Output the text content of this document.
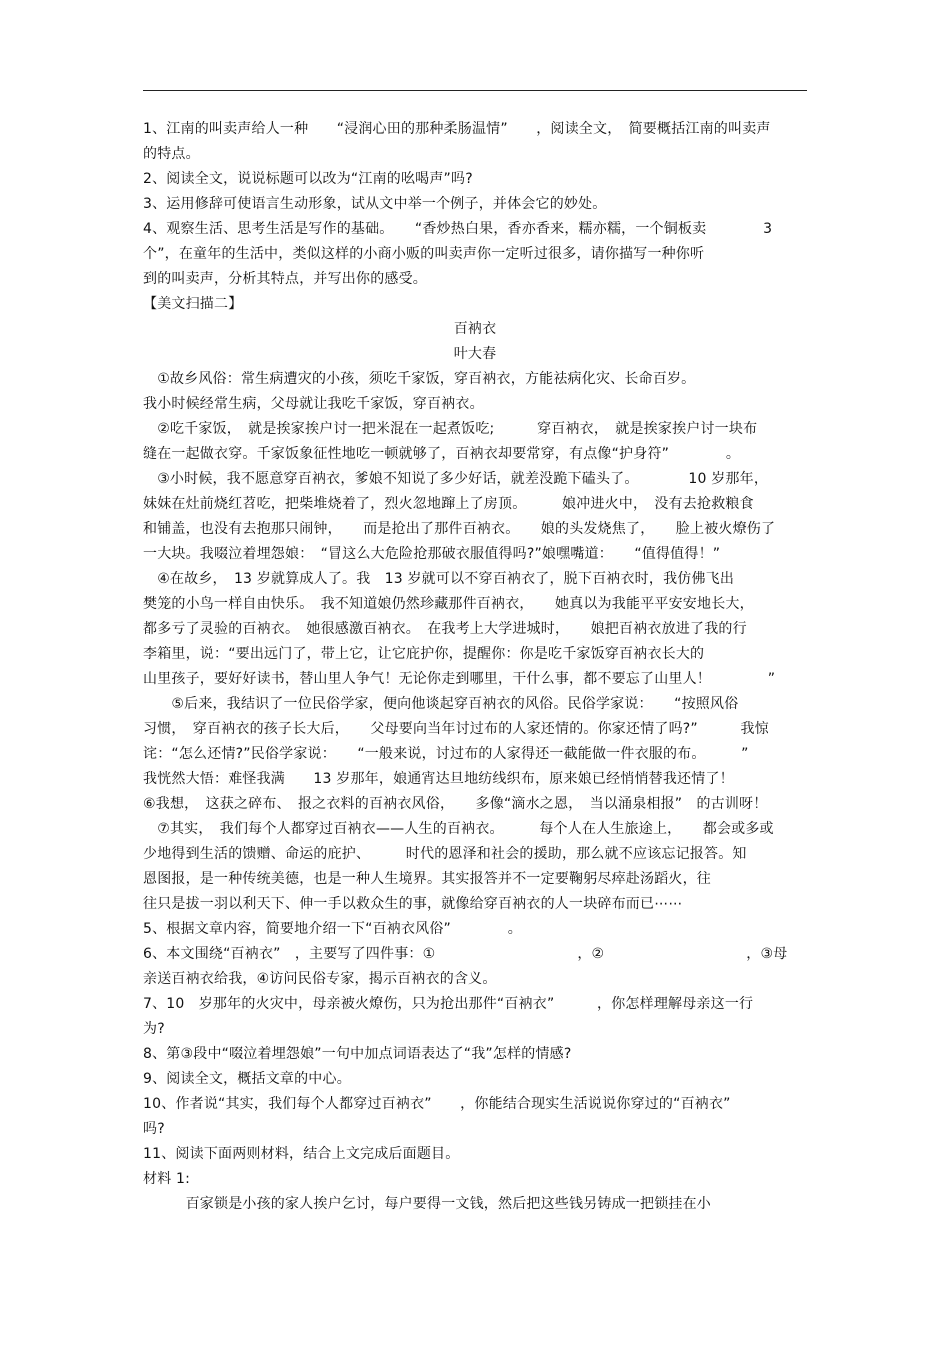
1、江南的叫卖声给人一种　　“浸润心田的那种柔肠温情”　　，阅读全文，　简要概括江南的叫卖声
的特点。
2、阅读全文，说说标题可以改为“江南的吆喝声”吗?
3、运用修辞可使语言生动形象，试从文中举一个例子，并体会它的妙处。
4、观察生活、思考生活是写作的基础。　　“香炒热白果，香亦香来，糯亦糯，一个铜板卖　　　　3
个”，在童年的生活中，类似这样的小商小贩的叫卖声你一定听过很多，请你描写一种你听
到的叫卖声，分析其特点，并写出你的感受。
【美文扫描二】
百衲衣
叶大春
　①故乡风俗：常生病遭灾的小孩，须吃千家饭，穿百衲衣，方能祛病化灾、长命百岁。
我小时候经常生病，父母就让我吃千家饭，穿百衲衣。
　②吃千家饭，　就是挨家挨户讨一把米混在一起煮饭吃;　　　穿百衲衣，　就是挨家挨户讨一块布
缝在一起做衣穿。千家饭象征性地吃一顿就够了，百衲衣却要常穿，有点像“护身符”　　　　。
　③小时候，我不愿意穿百衲衣，爹娘不知说了多少好话，就差没跪下磕头了。　　　　10 岁那年，
妹妹在灶前烧红苕吃，把柴堆烧着了，烈火忽地蹿上了房顶。　　　娘冲进火中，　没有去抢救粮食
和铺盖，也没有去抱那只闹钟，　　而是抢出了那件百衲衣。　　娘的头发烧焦了，　　脸上被火燎伤了
一大块。我啜泣着埋怨娘：　“冒这么大危险抢那破衣服值得吗?”娘嘿嘴道：　　“值得值得！”
　④在故乡，　13 岁就算成人了。我　13 岁就可以不穿百衲衣了，脱下百衲衣时，我仿佛飞出
樊笼的小鸟一样自由快乐。　我不知道娘仍然珍藏那件百衲衣，　　她真以为我能平平安安地长大，
都多亏了灵验的百衲衣。　她很感激百衲衣。　在我考上大学进城时，　　娘把百衲衣放进了我的行
李箱里，说：“要出远门了，带上它，让它庇护你，提醒你：你是吃千家饭穿百衲衣长大的
山里孩子，要好好读书，替山里人争气！无论你走到哪里，干什么事，都不要忘了山里人！　　　　”
　　⑤后来，我结识了一位民俗学家，便向他谈起穿百衲衣的风俗。民俗学家说：　　“按照风俗
习惯，　穿百衲衣的孩子长大后，　　父母要向当年讨过布的人家还情的。你家还情了吗?”　　　我惊
诧：“怎么还情?”民俗学家说：　　“一般来说，讨过布的人家得还一截能做一件衣服的布。　　　”
我恍然大悟：难怪我满　　13 岁那年，娘通宵达旦地纺线织布，原来娘已经悄悄替我还情了！
⑥我想，　这获之碎布、　报之衣料的百衲衣风俗，　　多像“滴水之恩，　当以涌泉相报”　的古训呀！
　⑦其实，　我们每个人都穿过百衲衣——人生的百衲衣。　　　每个人在人生旅途上，　　都会或多或
少地得到生活的馈赠、命运的庇护、　　　时代的恩泽和社会的援助，那么就不应该忘记报答。知
恩图报，是一种传统美德，也是一种人生境界。其实报答并不一定要鞠躬尽瘁赴汤蹈火，往
往只是拔一羽以利天下、伸一手以救众生的事，就像给穿百衲衣的人一块碎布而已⋯⋯
5、根据文章内容，简要地介绍一下“百衲衣风俗”　　　　。
6、本文围绕“百衲衣”　，主要写了四件事：①　　　　　　　　　　，②　　　　　　　　　　，③母
亲送百衲衣给我，④访问民俗专家，揭示百衲衣的含义。
7、10　岁那年的火灾中，母亲被火燎伤，只为抢出那件“百衲衣”　　　，你怎样理解母亲这一行
为?
8、第③段中“啜泣着埋怨娘”一句中加点词语表达了“我”怎样的情感?
9、阅读全文，概括文章的中心。
10、作者说“其实，我们每个人都穿过百衲衣”　　，你能结合现实生活说说你穿过的“百衲衣”
吗?
11、阅读下面两则材料，结合上文完成后面题目。
材料 1:
　　　百家锁是小孩的家人挨户乞讨，每户要得一文钱，然后把这些钱另铸成一把锁挂在小
